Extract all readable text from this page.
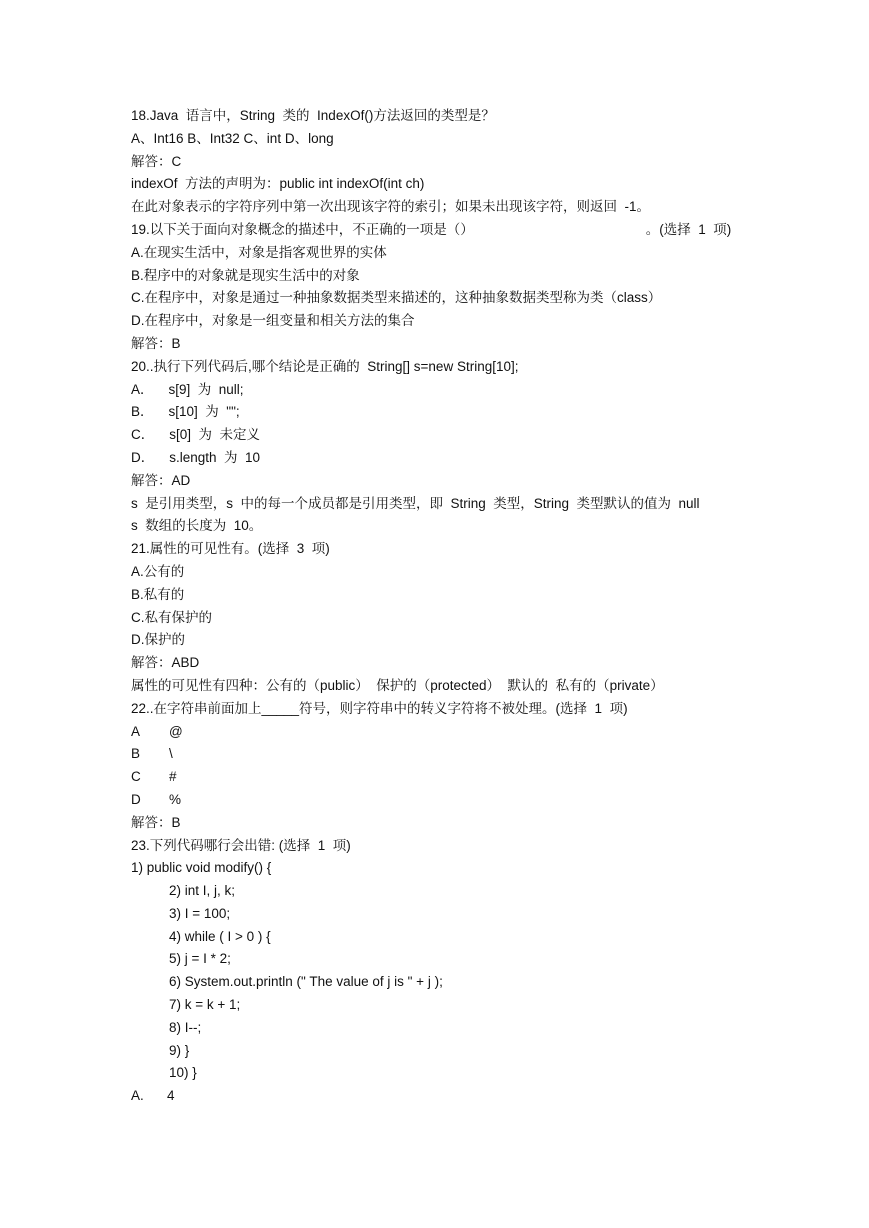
18.Java  语言中，String  类的  IndexOf()方法返回的类型是？
A、Int16 B、Int32 C、int D、long
解答：C
indexOf  方法的声明为：public int indexOf(int ch)
在此对象表示的字符序列中第一次出现该字符的索引；如果未出现该字符，则返回  -1。
19.以下关于面向对象概念的描述中，不正确的一项是（）	。(选择  1  项)
A.在现实生活中，对象是指客观世界的实体
B.程序中的对象就是现实生活中的对象
C.在程序中，对象是通过一种抽象数据类型来描述的，这种抽象数据类型称为类（class）
D.在程序中，对象是一组变量和相关方法的集合
解答：B
20..执行下列代码后,哪个结论是正确的  String[] s=new String[10];
A．    s[9]  为  null;
B．    s[10]  为  "";
C．    s[0]  为  未定义
D．    s.length  为  10
解答：AD
s  是引用类型，s  中的每一个成员都是引用类型，即  String  类型，String  类型默认的值为  null
s  数组的长度为  10。
21.属性的可见性有。(选择  3  项)
A.公有的
B.私有的
C.私有保护的
D.保护的
解答：ABD
属性的可见性有四种：公有的（public）  保护的（protected）  默认的  私有的（private）
22..在字符串前面加上_____符号，则字符串中的转义字符将不被处理。(选择  1  项)
A @
B \
C #
D %
解答：B
23.下列代码哪行会出错: (选择  1  项)
1) public void modify() {
2) int I, j, k;
3) I = 100;
4) while ( I > 0 ) {
5) j = I * 2;
6) System.out.println (" The value of j is " + j );
7) k = k + 1;
8) I--;
9) }
10) }
A. 4
